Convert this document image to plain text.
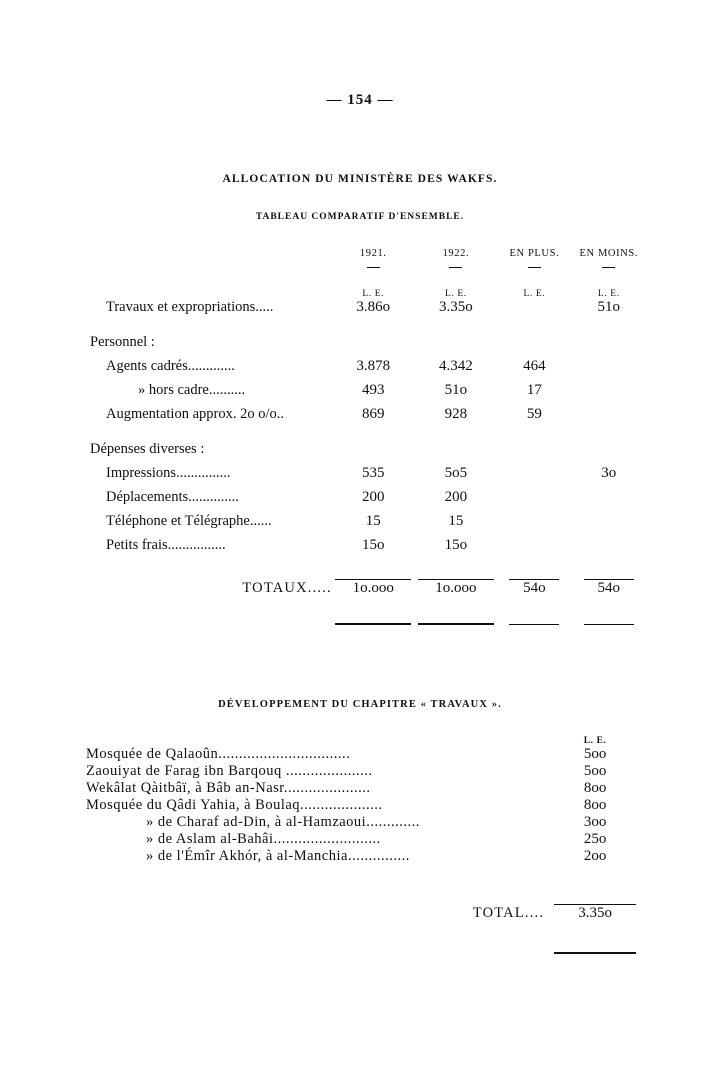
— 154 —
ALLOCATION DU MINISTÈRE DES WAKFS.
TABLEAU COMPARATIF D'ENSEMBLE.
	1921.	1922.	EN PLUS.	EN MOINS.

	L. E.	L. E.	L. E.	L. E.
Travaux et expropriations.....	3.86o	3.35o		51o

Personnel :				

Agents cadrés.............	3.878	4.342	464	

» hors cadre..........	493	51o	17	

Augmentation approx. 2o o/o..	869	928	59	

Dépenses diverses :				

Impressions...............	535	5o5		3o

Déplacements..............	200	200		

Téléphone et Télégraphe......	15	15		

Petits frais................	15o	15o		

TOTAUX.....	1o.ooo	1o.ooo	54o	54o

DÉVELOPPEMENT DU CHAPITRE « TRAVAUX ».
	L. E.
Mosquée de Qalaoûn................................	5oo
Zaouiyat de Farag ibn Barqouq .....................	5oo
Wekâlat Qàitbâï, à Bâb an-Nasr.....................	8oo
Mosquée du Qâdi Yahia, à Boulaq....................	8oo
» de Charaf ad-Din, à al-Hamzaoui.............	3oo
» de Aslam al-Bahâi..........................	25o
» de l'Émîr Akhór, à al-Manchia...............	2oo

TOTAL....	3.35o
